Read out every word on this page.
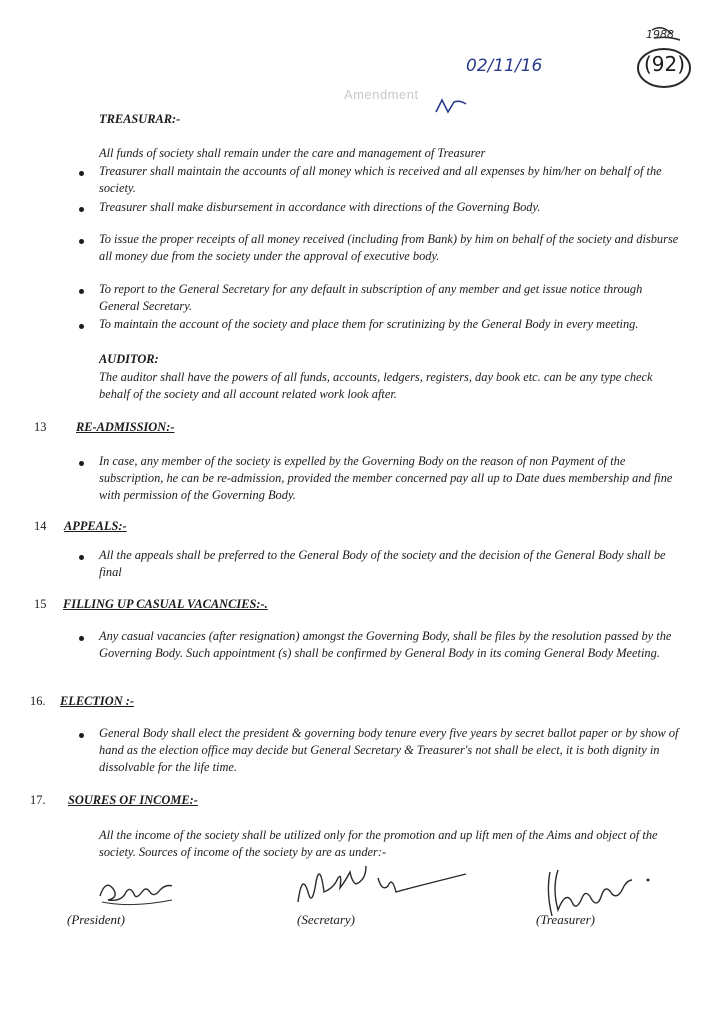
1988
(92)
Amendment
02/11/16
TREASURAR:-
All funds of society shall remain under the care and management of Treasurer
Treasurer shall maintain the accounts of all money which is received and all expenses by him/her on behalf of the society.
Treasurer shall make disbursement in accordance with directions of the Governing Body.
To issue the proper receipts of all money received (including from Bank) by him on behalf of the society and disburse all money due from the society under the approval of executive body.
To report to the General Secretary for any default in subscription of any member and get issue notice through General Secretary.
To maintain the account of the society and place them for scrutinizing by the General Body in every meeting.
AUDITOR:
The auditor shall have the powers of all funds, accounts, ledgers, registers, day book etc. can be any type check behalf of the society and all account related work look after.
13 RE-ADMISSION:-
In case, any member of the society is expelled by the Governing Body on the reason of non Payment of the subscription, he can be re-admission, provided the member concerned pay all up to Date dues membership and fine with permission of the Governing Body.
14 APPEALS:-
All the appeals shall be preferred to the General Body of the society and the decision of the General Body shall be final
15 FILLING UP CASUAL VACANCIES:-.
Any casual vacancies (after resignation) amongst the Governing Body, shall be files by the resolution passed by the Governing Body. Such appointment (s) shall be confirmed by General Body in its coming General Body Meeting.
16. ELECTION :-
General Body shall elect the president & governing body tenure every five years by secret ballot paper or by show of hand as the election office may decide but General Secretary & Treasurer's not shall be elect, it is both dignity in dissolvable for the life time.
17. SOURES OF INCOME:-
All the income of the society shall be utilized only for the promotion and up lift men of the Aims and object of the society. Sources of income of the society by are as under:-
(President)	(Secretary)	(Treasurer)
